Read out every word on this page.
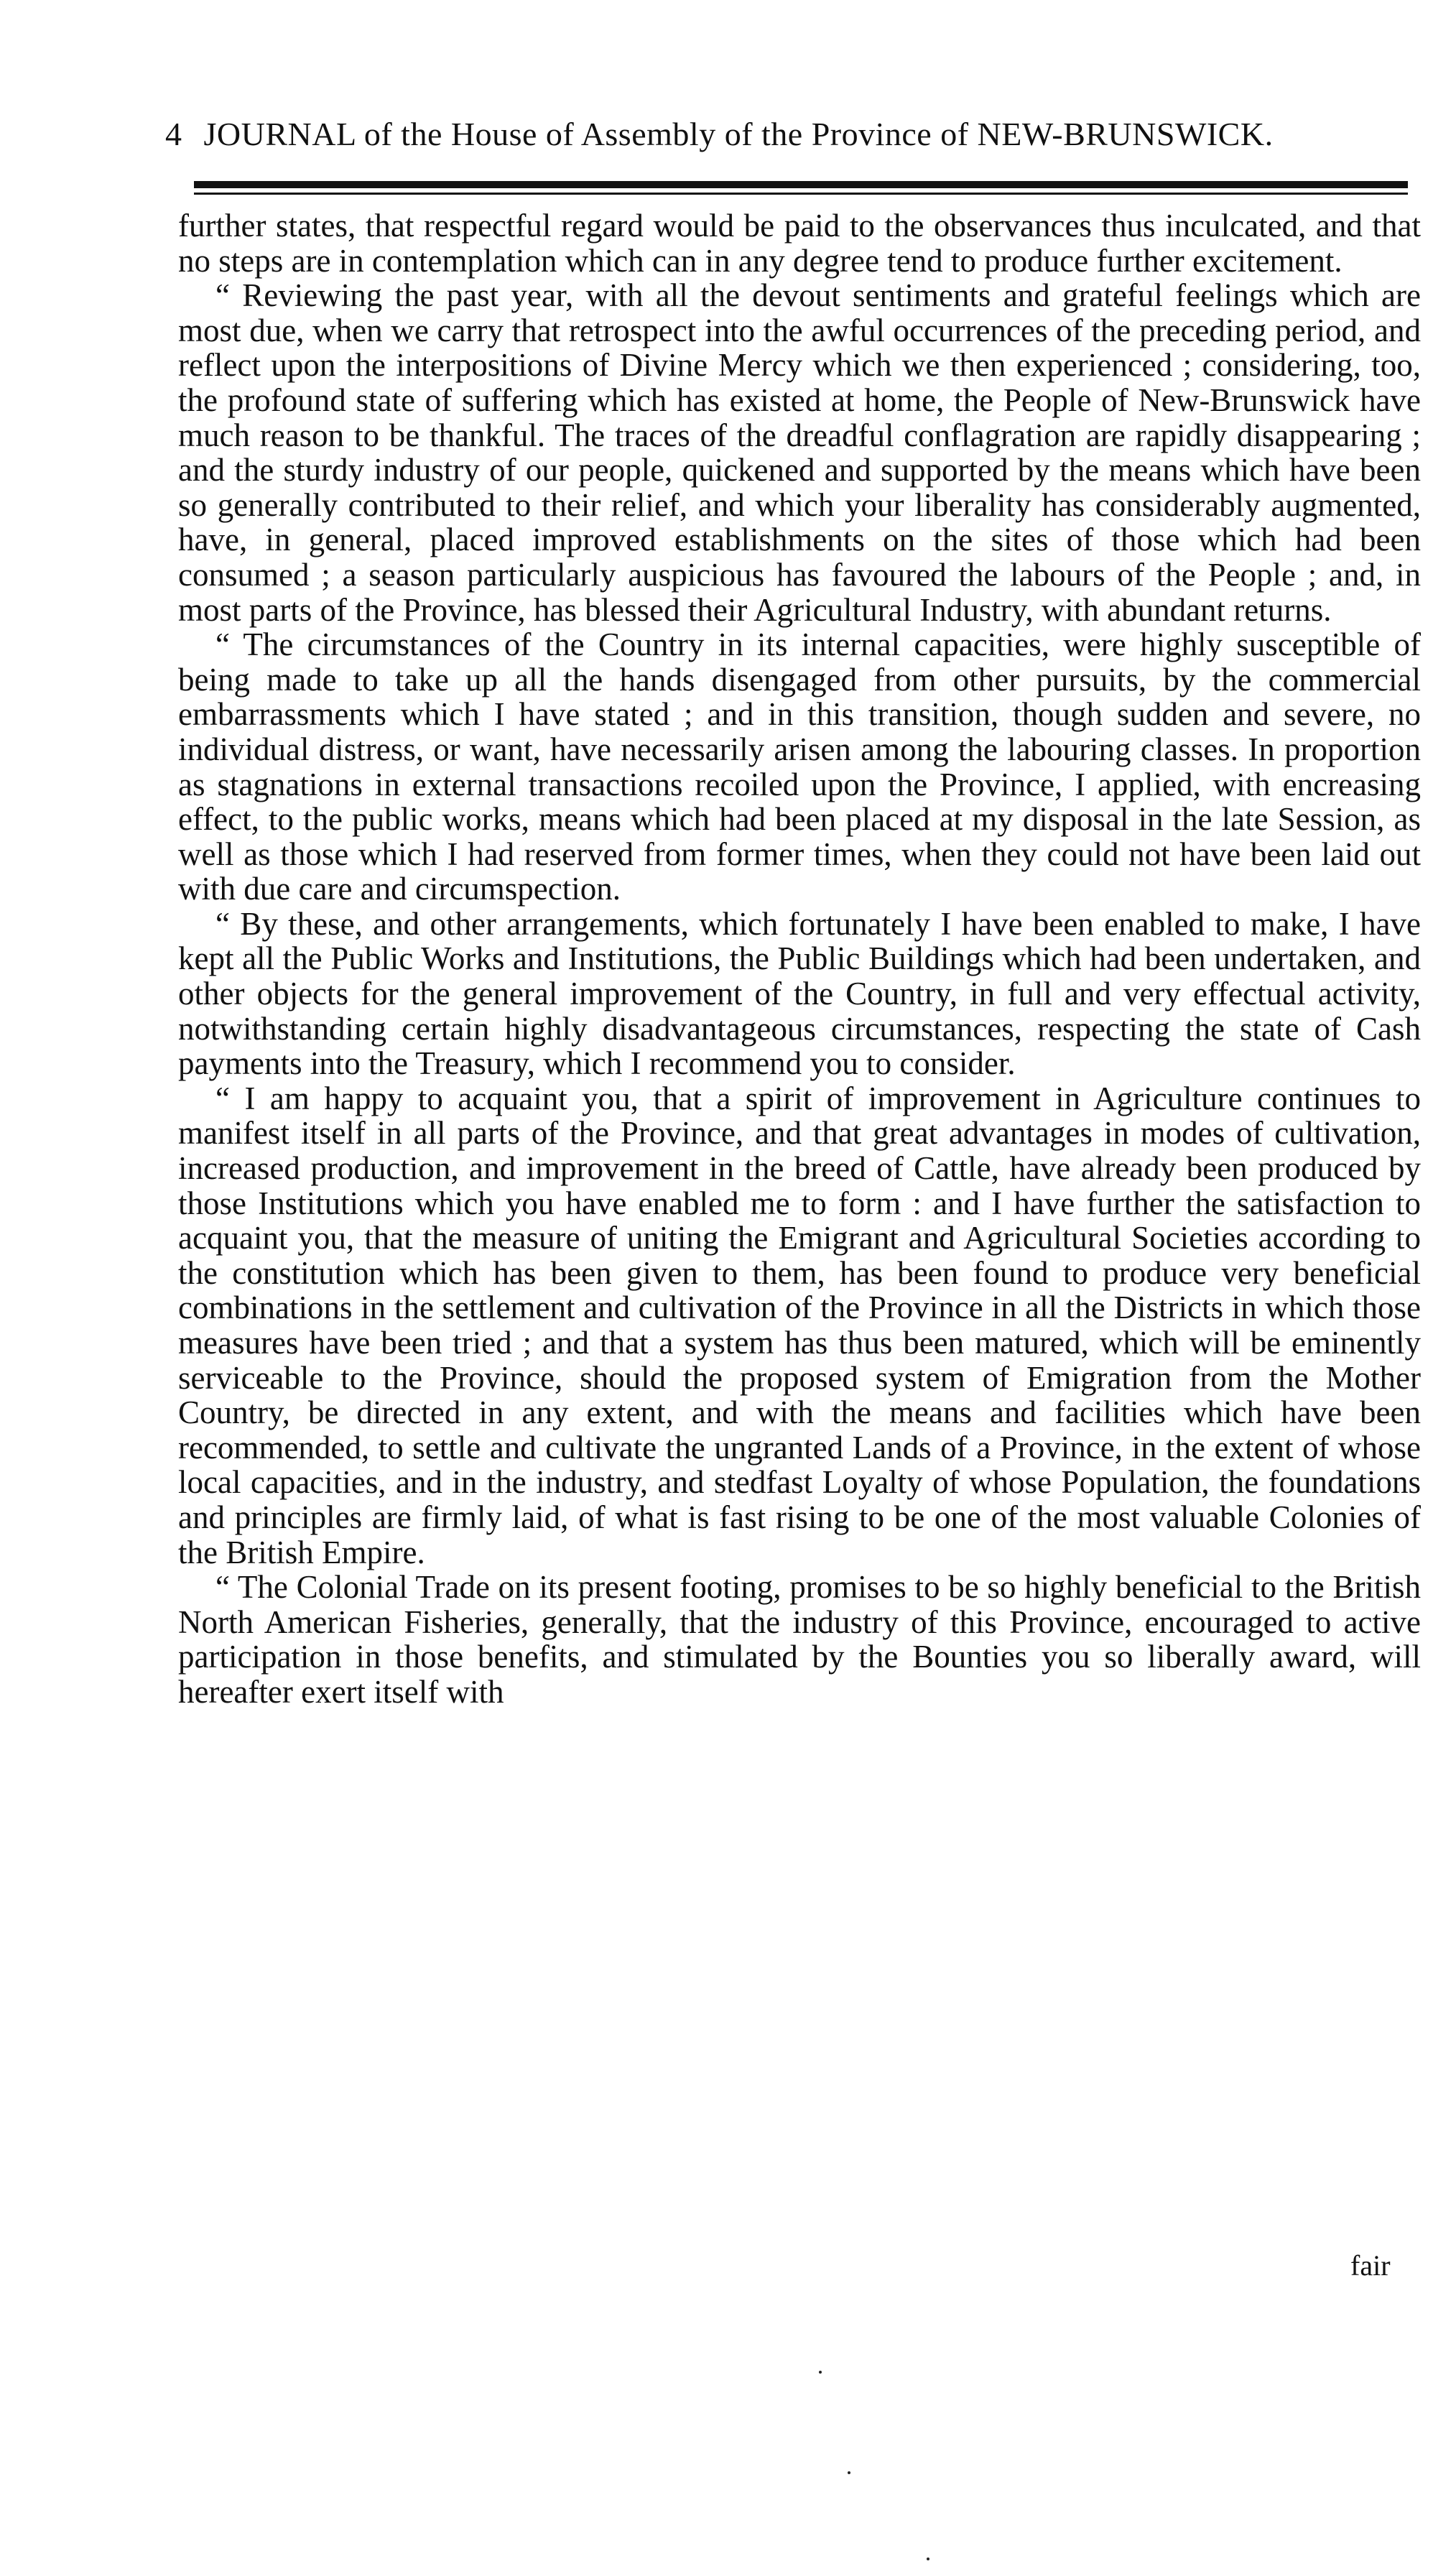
4 JOURNAL of the House of Assembly of the Province of NEW-BRUNSWICK.

further states, that respectful regard would be paid to the observances thus inculcated, and that no steps are in contemplation which can in any degree tend to produce further excitement.

“ Reviewing the past year, with all the devout sentiments and grateful feelings which are most due, when we carry that retrospect into the awful occurrences of the preceding period, and reflect upon the interpositions of Divine Mercy which we then experienced ; considering, too, the profound state of suffering which has existed at home, the People of New-Brunswick have much reason to be thankful. The traces of the dreadful conflagration are rapidly disappearing ; and the sturdy industry of our people, quickened and supported by the means which have been so generally contributed to their relief, and which your liberality has considerably augmented, have, in general, placed improved establishments on the sites of those which had been consumed ; a season particularly auspicious has favoured the labours of the People ; and, in most parts of the Province, has blessed their Agricultural Industry, with abundant returns.

“ The circumstances of the Country in its internal capacities, were highly susceptible of being made to take up all the hands disengaged from other pursuits, by the commercial embarrassments which I have stated ; and in this transition, though sudden and severe, no individual distress, or want, have necessarily arisen among the labouring classes. In proportion as stagnations in external transactions recoiled upon the Province, I applied, with encreasing effect, to the public works, means which had been placed at my disposal in the late Session, as well as those which I had reserved from former times, when they could not have been laid out with due care and circumspection.

“ By these, and other arrangements, which fortunately I have been enabled to make, I have kept all the Public Works and Institutions, the Public Buildings which had been undertaken, and other objects for the general improvement of the Country, in full and very effectual activity, notwithstanding certain highly disadvantageous circumstances, respecting the state of Cash payments into the Treasury, which I recommend you to consider.

“ I am happy to acquaint you, that a spirit of improvement in Agriculture continues to manifest itself in all parts of the Province, and that great advantages in modes of cultivation, increased production, and improvement in the breed of Cattle, have already been produced by those Institutions which you have enabled me to form : and I have further the satisfaction to acquaint you, that the measure of uniting the Emigrant and Agricultural Societies according to the constitution which has been given to them, has been found to produce very beneficial combinations in the settlement and cultivation of the Province in all the Districts in which those measures have been tried ; and that a system has thus been matured, which will be eminently serviceable to the Province, should the proposed system of Emigration from the Mother Country, be directed in any extent, and with the means and facilities which have been recommended, to settle and cultivate the ungranted Lands of a Province, in the extent of whose local capacities, and in the industry, and stedfast Loyalty of whose Population, the foundations and principles are firmly laid, of what is fast rising to be one of the most valuable Colonies of the British Empire.

“ The Colonial Trade on its present footing, promises to be so highly beneficial to the British North American Fisheries, generally, that the industry of this Province, encouraged to active participation in those benefits, and stimulated by the Bounties you so liberally award, will hereafter exert itself with

fair
